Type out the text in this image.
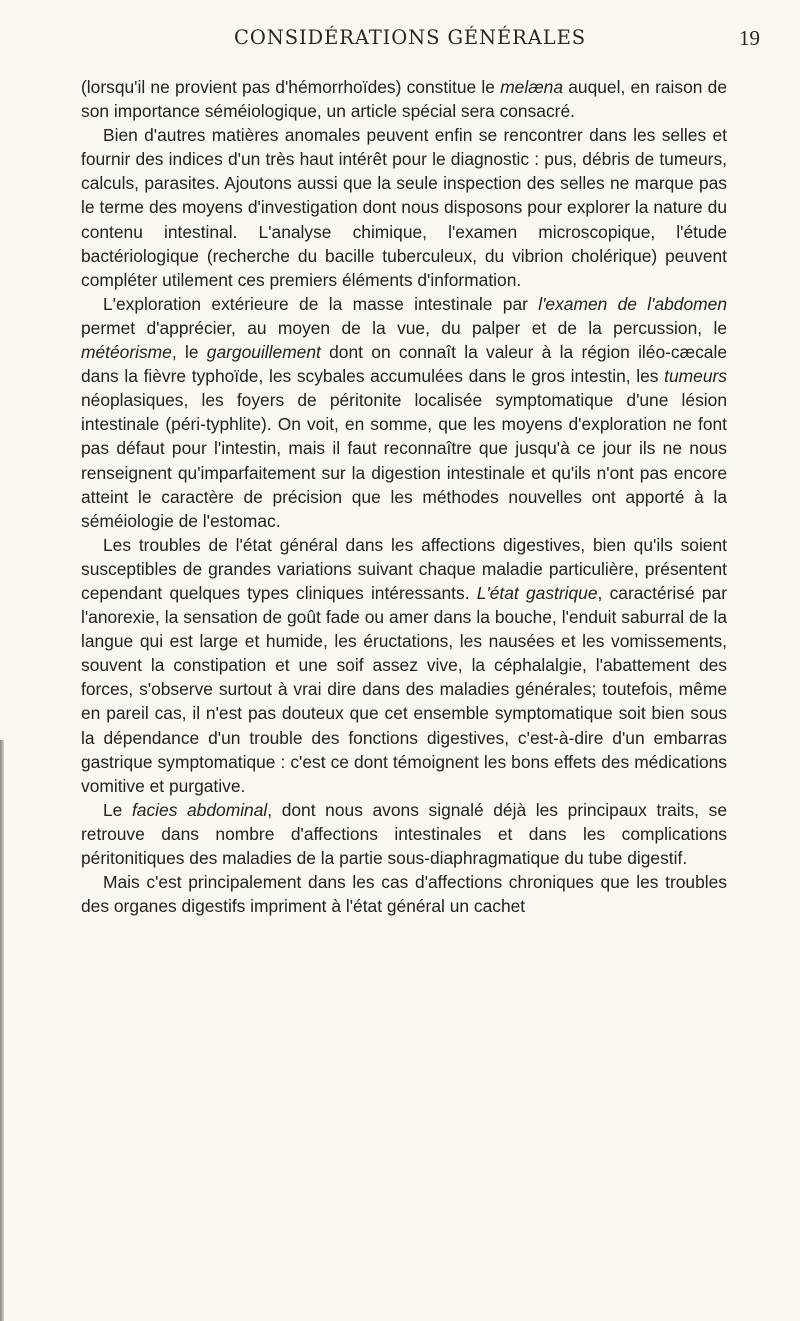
CONSIDÉRATIONS GÉNÉRALES	19

(lorsqu'il ne provient pas d'hémorrhoïdes) constitue le melæna auquel, en raison de son importance séméiologique, un article spécial sera consacré.

Bien d'autres matières anomales peuvent enfin se rencontrer dans les selles et fournir des indices d'un très haut intérêt pour le diagnostic : pus, débris de tumeurs, calculs, parasites. Ajoutons aussi que la seule inspection des selles ne marque pas le terme des moyens d'investigation dont nous disposons pour explorer la nature du contenu intestinal. L'analyse chimique, l'examen microscopique, l'étude bactériologique (recherche du bacille tuberculeux, du vibrion cholérique) peuvent compléter utilement ces premiers éléments d'information.

L'exploration extérieure de la masse intestinale par l'examen de l'abdomen permet d'apprécier, au moyen de la vue, du palper et de la percussion, le météorisme, le gargouillement dont on connaît la valeur à la région iléo-cæcale dans la fièvre typhoïde, les scybales accumulées dans le gros intestin, les tumeurs néoplasiques, les foyers de péritonite localisée symptomatique d'une lésion intestinale (péri-typhlite). On voit, en somme, que les moyens d'exploration ne font pas défaut pour l'intestin, mais il faut reconnaître que jusqu'à ce jour ils ne nous renseignent qu'imparfaitement sur la digestion intestinale et qu'ils n'ont pas encore atteint le caractère de précision que les méthodes nouvelles ont apporté à la séméiologie de l'estomac.

Les troubles de l'état général dans les affections digestives, bien qu'ils soient susceptibles de grandes variations suivant chaque maladie particulière, présentent cependant quelques types cliniques intéressants. L'état gastrique, caractérisé par l'anorexie, la sensation de goût fade ou amer dans la bouche, l'enduit saburral de la langue qui est large et humide, les éructations, les nausées et les vomissements, souvent la constipation et une soif assez vive, la céphalalgie, l'abattement des forces, s'observe surtout à vrai dire dans des maladies générales; toutefois, même en pareil cas, il n'est pas douteux que cet ensemble symptomatique soit bien sous la dépendance d'un trouble des fonctions digestives, c'est-à-dire d'un embarras gastrique symptomatique : c'est ce dont témoignent les bons effets des médications vomitive et purgative.

Le facies abdominal, dont nous avons signalé déjà les principaux traits, se retrouve dans nombre d'affections intestinales et dans les complications péritonitiques des maladies de la partie sous-diaphragmatique du tube digestif.

Mais c'est principalement dans les cas d'affections chroniques que les troubles des organes digestifs impriment à l'état général un cachet
